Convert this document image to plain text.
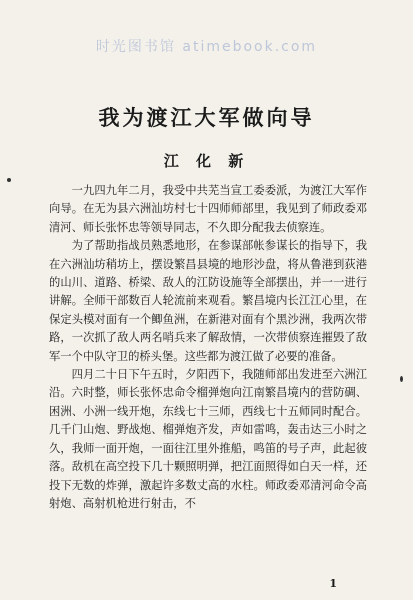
时光图书馆 atimebook.com
我为渡江大军做向导
江 化 新

一九四九年二月，我受中共芜当宣工委委派，为渡江大军作向导。在无为县六洲汕坊村七十四师师部里，我见到了师政委邓清河、师长张怀忠等领导同志，不久即分配我去侦察连。

为了帮助指战员熟悉地形，在参谋部帐参谋长的指导下，我在六洲汕坊稍坊上，摆设繁昌县境的地形沙盘，将从鲁港到荻港的山川、道路、桥梁、敌人的江防设施等全部摆出，并一一进行讲解。全师干部数百人轮流前来观看。繁昌境内长江江心里，在保定头模对面有一个鲫鱼洲，在新港对面有个黑沙洲，我两次带路，一次抓了敌人两名哨兵来了解敌情，一次带侦察连摧毁了敌军一个中队守卫的桥头堡。这些都为渡江做了必要的准备。

四月二十日下午五时，夕阳西下，我随师部出发进至六洲江沿。六时整，师长张怀忠命令榴弹炮向江南繁昌境内的营防碉、困洲、小洲一线开炮，东线七十三师，西线七十五师同时配合。几千门山炮、野战炮、榴弹炮齐发，声如雷鸣，轰击达三小时之久，我师一面开炮，一面往江里外推船，鸣笛的号子声，此起彼落。敌机在高空投下几十颗照明弹，把江面照得如白天一样，还投下无数的炸弹，激起许多数丈高的水柱。师政委邓清河命令高射炮、高射机枪进行射击，不

1
